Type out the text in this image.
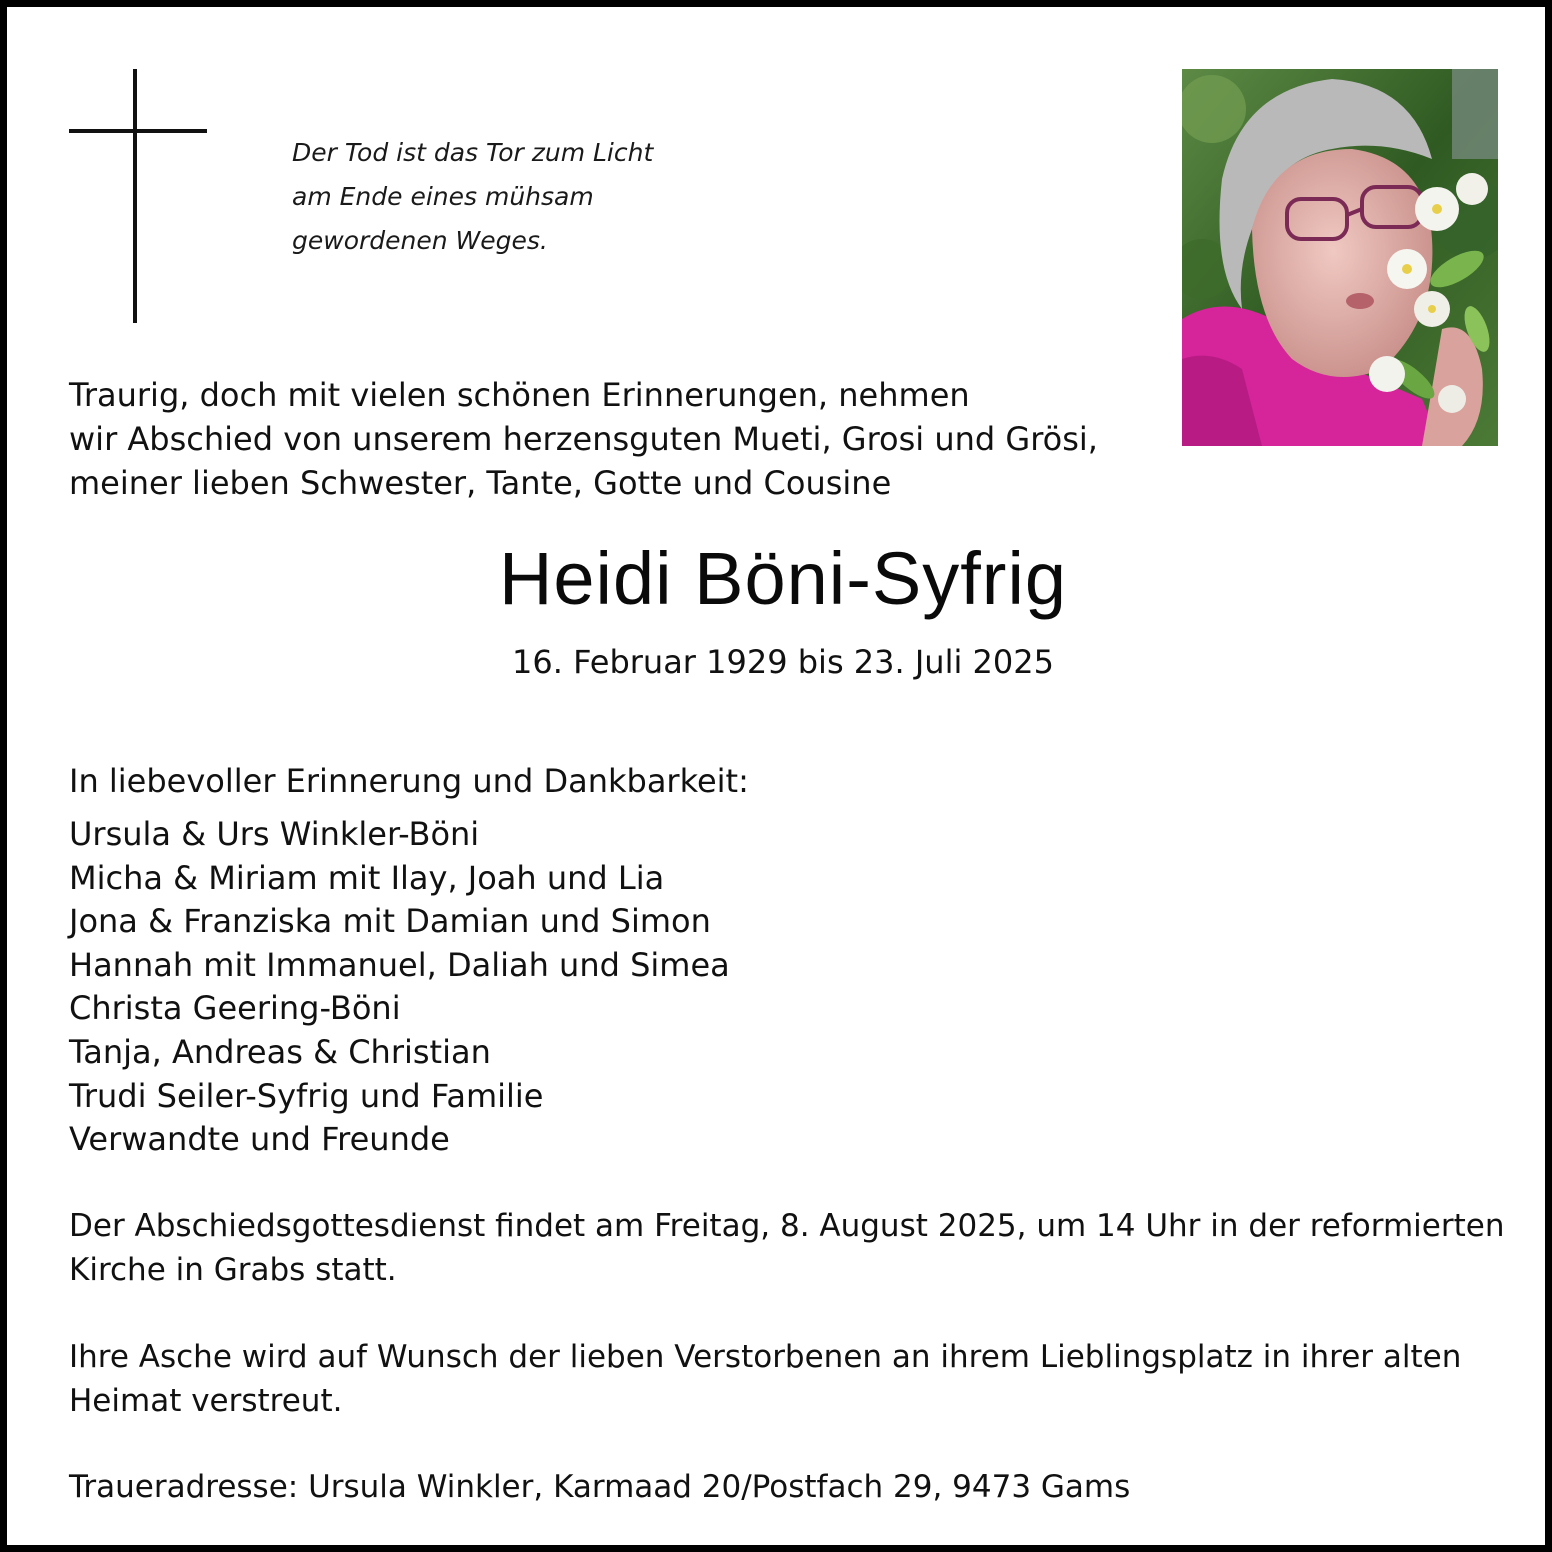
Der Tod ist das Tor zum Licht
am Ende eines mühsam
gewordenen Weges.
Traurig, doch mit vielen schönen Erinnerungen, nehmen
wir Abschied von unserem herzensguten Mueti, Grosi und Grösi,
meiner lieben Schwester, Tante, Gotte und Cousine
Heidi Böni-Syfrig
16. Februar 1929 bis 23. Juli 2025
In liebevoller Erinnerung und Dankbarkeit:
Ursula & Urs Winkler-Böni
Micha & Miriam mit Ilay, Joah und Lia
Jona & Franziska mit Damian und Simon
Hannah mit Immanuel, Daliah und Simea
Christa Geering-Böni
Tanja, Andreas & Christian
Trudi Seiler-Syfrig und Familie
Verwandte und Freunde
Der Abschiedsgottesdienst findet am Freitag, 8. August 2025, um 14 Uhr in der reformierten
Kirche in Grabs statt.
Ihre Asche wird auf Wunsch der lieben Verstorbenen an ihrem Lieblingsplatz in ihrer alten
Heimat verstreut.
Traueradresse: Ursula Winkler, Karmaad 20/Postfach 29, 9473 Gams
